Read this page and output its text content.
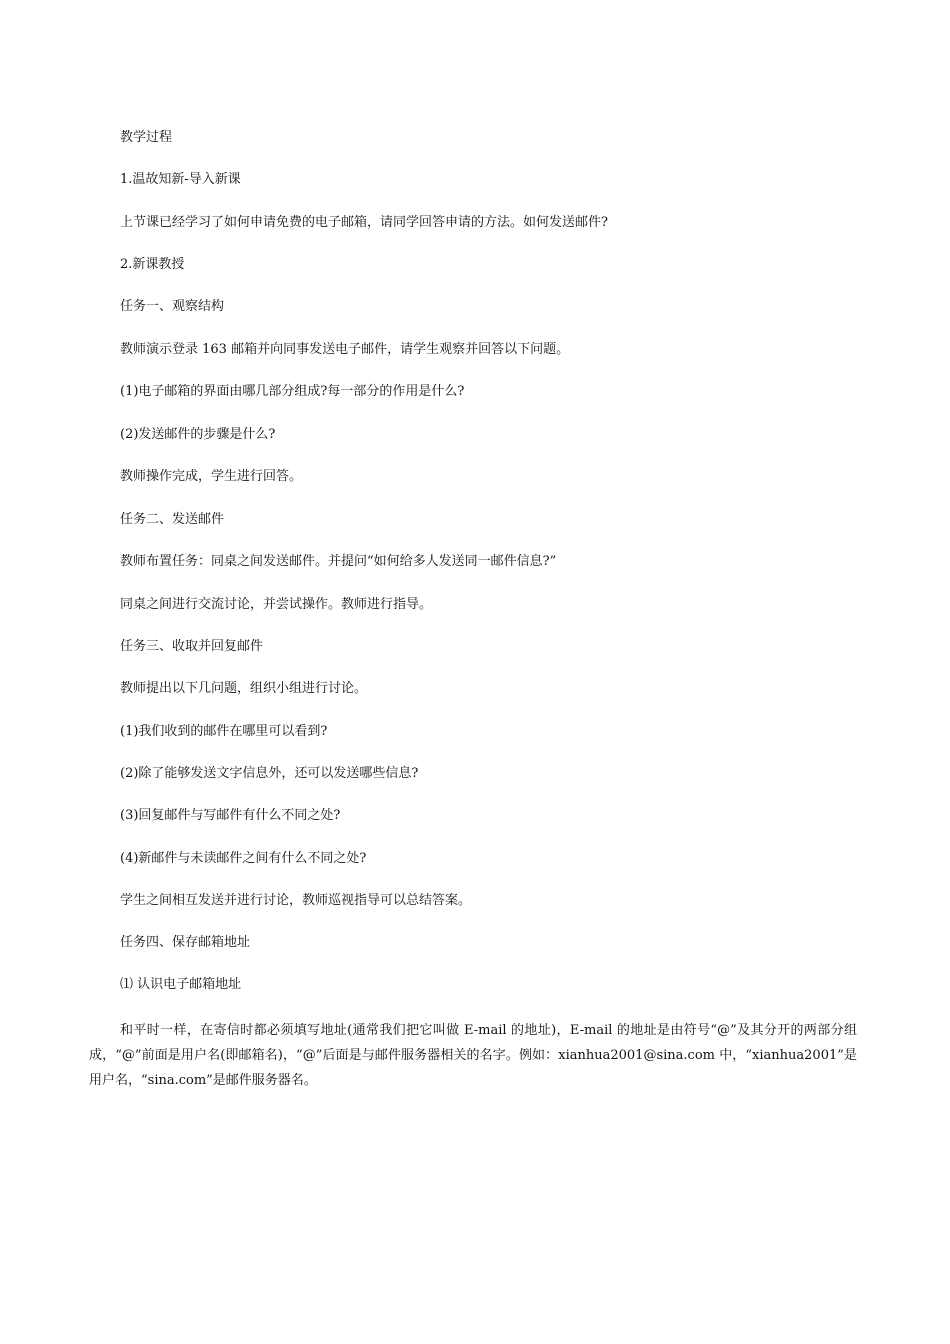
教学过程
1.温故知新-导入新课
上节课已经学习了如何申请免费的电子邮箱，请同学回答申请的方法。如何发送邮件?
2.新课教授
任务一、观察结构
教师演示登录 163 邮箱并向同事发送电子邮件，请学生观察并回答以下问题。
(1)电子邮箱的界面由哪几部分组成?每一部分的作用是什么?
(2)发送邮件的步骤是什么?
教师操作完成，学生进行回答。
任务二、发送邮件
教师布置任务：同桌之间发送邮件。并提问“如何给多人发送同一邮件信息?”
同桌之间进行交流讨论，并尝试操作。教师进行指导。
任务三、收取并回复邮件
教师提出以下几问题，组织小组进行讨论。
(1)我们收到的邮件在哪里可以看到?
(2)除了能够发送文字信息外，还可以发送哪些信息?
(3)回复邮件与写邮件有什么不同之处?
(4)新邮件与未读邮件之间有什么不同之处?
学生之间相互发送并进行讨论，教师巡视指导可以总结答案。
任务四、保存邮箱地址
⑴ 认识电子邮箱地址
和平时一样，在寄信时都必须填写地址(通常我们把它叫做 E-mail 的地址)，E-mail 的地址是由符号“@”及其分开的两部分组成，“@”前面是用户名(即邮箱名)，“@”后面是与邮件服务器相关的名字。例如：xianhua2001@sina.com 中，“xianhua2001”是用户名，“sina.com”是邮件服务器名。
